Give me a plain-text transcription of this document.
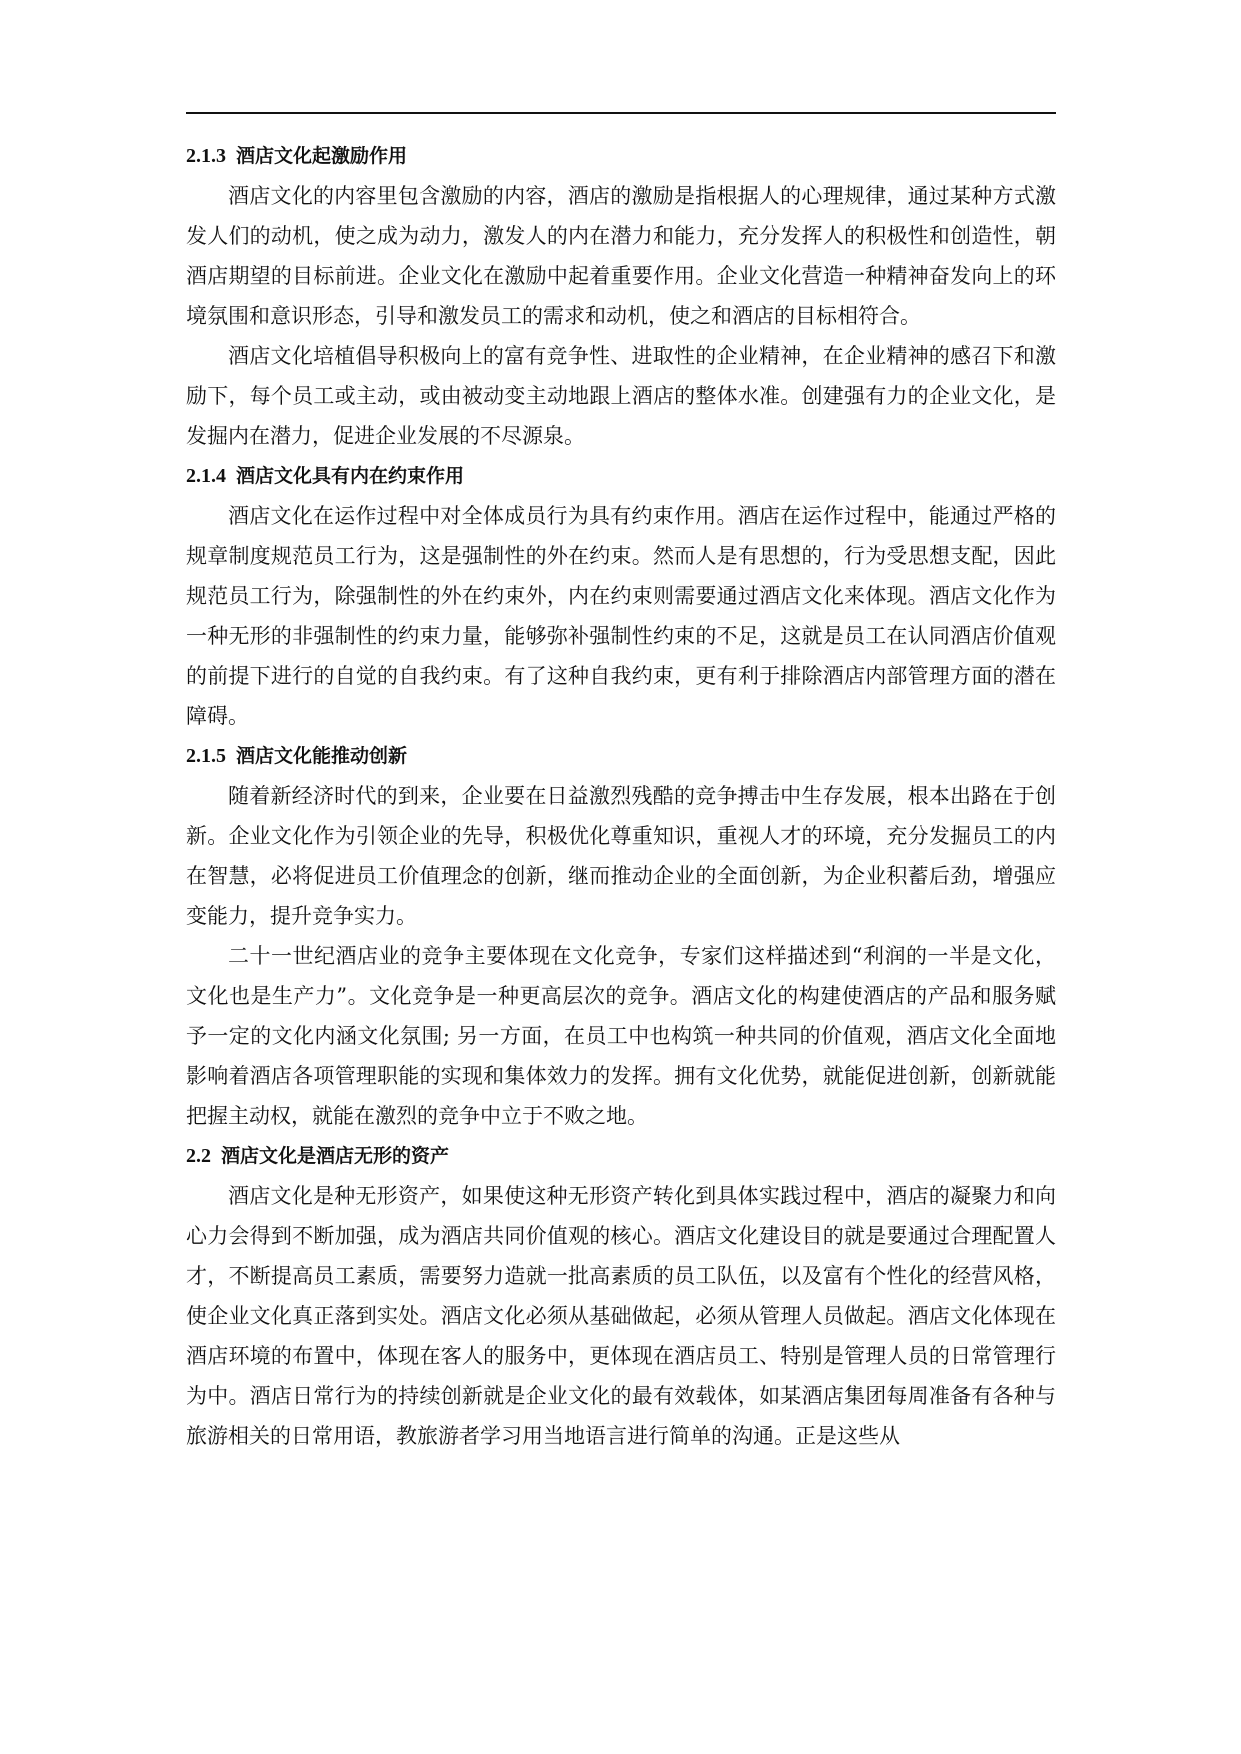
2.1.3 酒店文化起激励作用

酒店文化的内容里包含激励的内容，酒店的激励是指根据人的心理规律，通过某种方式激发人们的动机，使之成为动力，激发人的内在潜力和能力，充分发挥人的积极性和创造性，朝酒店期望的目标前进。企业文化在激励中起着重要作用。企业文化营造一种精神奋发向上的环境氛围和意识形态，引导和激发员工的需求和动机，使之和酒店的目标相符合。

酒店文化培植倡导积极向上的富有竞争性、进取性的企业精神，在企业精神的感召下和激励下，每个员工或主动，或由被动变主动地跟上酒店的整体水准。创建强有力的企业文化，是发掘内在潜力，促进企业发展的不尽源泉。

2.1.4 酒店文化具有内在约束作用

酒店文化在运作过程中对全体成员行为具有约束作用。酒店在运作过程中，能通过严格的规章制度规范员工行为，这是强制性的外在约束。然而人是有思想的，行为受思想支配，因此规范员工行为，除强制性的外在约束外，内在约束则需要通过酒店文化来体现。酒店文化作为一种无形的非强制性的约束力量，能够弥补强制性约束的不足，这就是员工在认同酒店价值观的前提下进行的自觉的自我约束。有了这种自我约束，更有利于排除酒店内部管理方面的潜在障碍。

2.1.5 酒店文化能推动创新

随着新经济时代的到来，企业要在日益激烈残酷的竞争搏击中生存发展，根本出路在于创新。企业文化作为引领企业的先导，积极优化尊重知识，重视人才的环境，充分发掘员工的内在智慧，必将促进员工价值理念的创新，继而推动企业的全面创新，为企业积蓄后劲，增强应变能力，提升竞争实力。

二十一世纪酒店业的竞争主要体现在文化竞争，专家们这样描述到“利润的一半是文化，文化也是生产力”。文化竞争是一种更高层次的竞争。酒店文化的构建使酒店的产品和服务赋予一定的文化内涵文化氛围; 另一方面，在员工中也构筑一种共同的价值观，酒店文化全面地影响着酒店各项管理职能的实现和集体效力的发挥。拥有文化优势，就能促进创新，创新就能把握主动权，就能在激烈的竞争中立于不败之地。

2.2 酒店文化是酒店无形的资产

酒店文化是种无形资产，如果使这种无形资产转化到具体实践过程中，酒店的凝聚力和向心力会得到不断加强，成为酒店共同价值观的核心。酒店文化建设目的就是要通过合理配置人才，不断提高员工素质，需要努力造就一批高素质的员工队伍，以及富有个性化的经营风格，使企业文化真正落到实处。酒店文化必须从基础做起，必须从管理人员做起。酒店文化体现在酒店环境的布置中，体现在客人的服务中，更体现在酒店员工、特别是管理人员的日常管理行为中。酒店日常行为的持续创新就是企业文化的最有效载体，如某酒店集团每周准备有各种与旅游相关的日常用语，教旅游者学习用当地语言进行简单的沟通。正是这些从
